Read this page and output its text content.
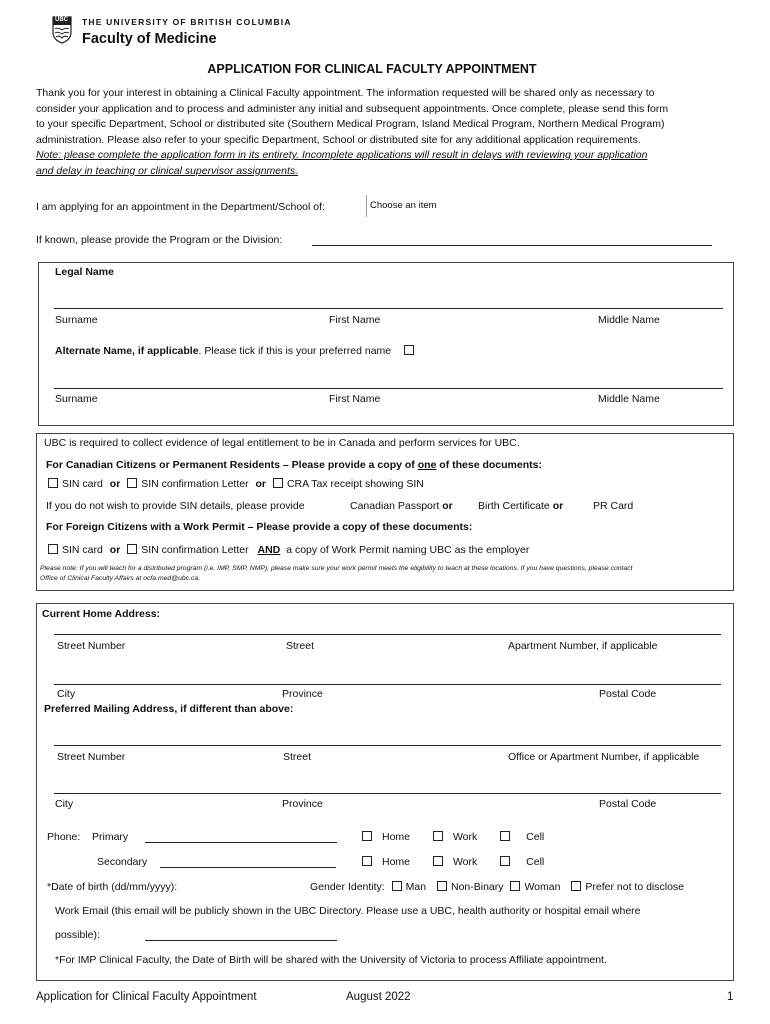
UBC THE UNIVERSITY OF BRITISH COLUMBIA
Faculty of Medicine
APPLICATION FOR CLINICAL FACULTY APPOINTMENT
Thank you for your interest in obtaining a Clinical Faculty appointment. The information requested will be shared only as necessary to
consider your application and to process and administer any initial and subsequent appointments. Once complete, please send this form
to your specific Department, School or distributed site (Southern Medical Program, Island Medical Program, Northern Medical Program)
administration. Please also refer to your specific Department, School or distributed site for any additional application requirements.
Note: please complete the application form in its entirety. Incomplete applications will result in delays with reviewing your application
and delay in teaching or clinical supervisor assignments.
I am applying for an appointment in the Department/School of:	Choose an item
If known, please provide the Program or the Division:
Legal Name
Surname	First Name	Middle Name
Alternate Name, if applicable. Please tick if this is your preferred name
Surname	First Name	Middle Name
UBC is required to collect evidence of legal entitlement to be in Canada and perform services for UBC.
For Canadian Citizens or Permanent Residents – Please provide a copy of one of these documents:
SIN card or SIN confirmation Letter or CRA Tax receipt showing SIN
If you do not wish to provide SIN details, please provide	Canadian Passport or Birth Certificate or	PR Card
For Foreign Citizens with a Work Permit – Please provide a copy of these documents:
SIN card or SIN confirmation Letter AND a copy of Work Permit naming UBC as the employer
Please note: If you will teach for a distributed program (i.e. IMP, SMP, NMP), please make sure your work permit meets the eligibility to teach at these locations. If you have questions, please contact
Office of Clinical Faculty Affairs at ocfa.med@ubc.ca.
Current Home Address:
Street Number	Street	Apartment Number, if applicable
City	Province	Postal Code
Preferred Mailing Address, if different than above:
Street Number	Street	Office or Apartment Number, if applicable
City	Province	Postal Code
Phone: Primary	Home	Work	Cell
Secondary	Home	Work	Cell
*Date of birth (dd/mm/yyyy):	Gender Identity: Man Non-Binary Woman Prefer not to disclose
Work Email (this email will be publicly shown in the UBC Directory. Please use a UBC, health authority or hospital email where
possible):
*For IMP Clinical Faculty, the Date of Birth will be shared with the University of Victoria to process Affiliate appointment.
Application for Clinical Faculty Appointment	August 2022	1
